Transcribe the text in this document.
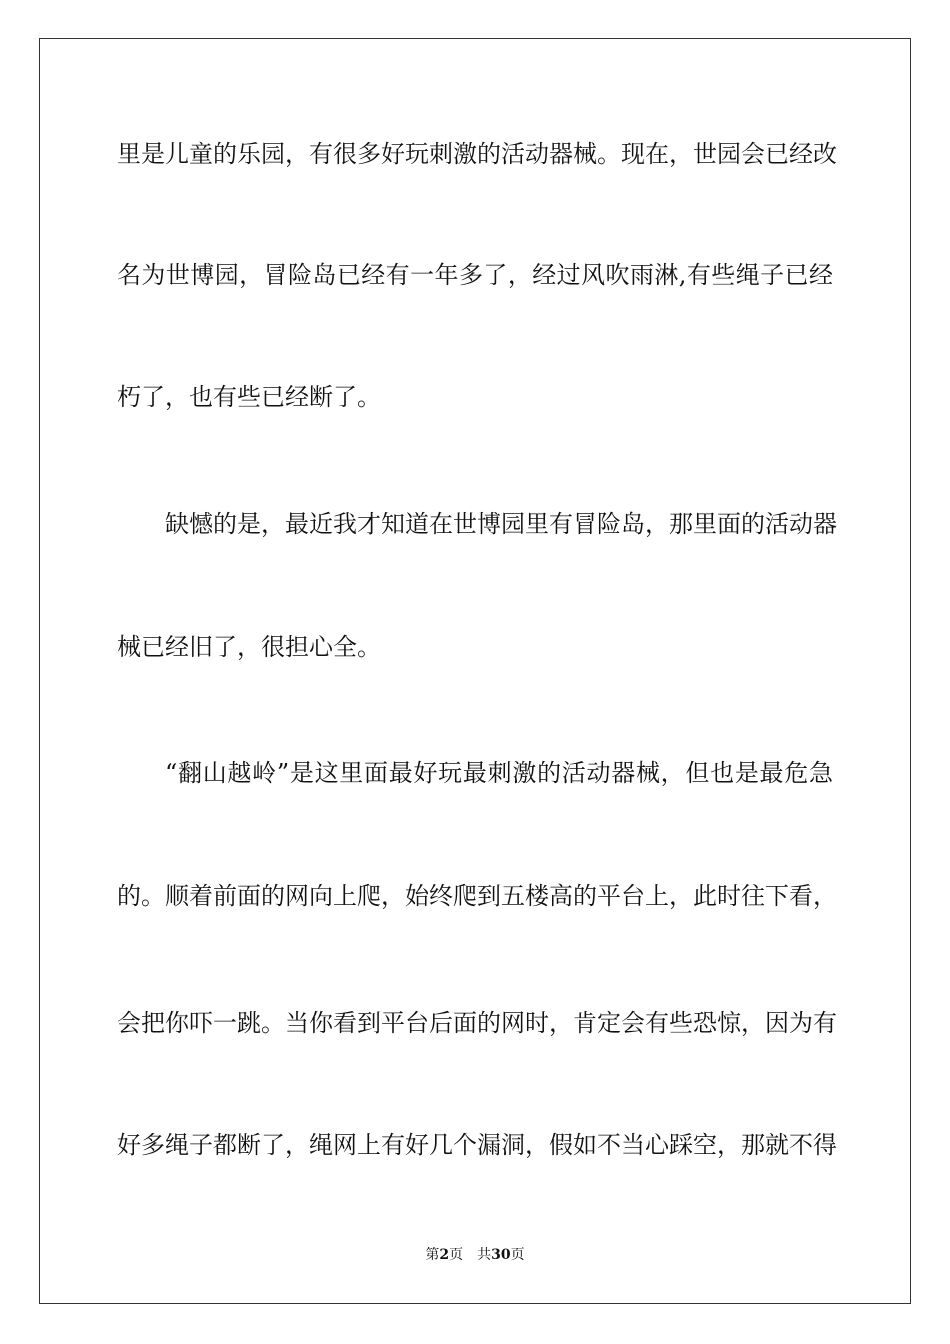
里是儿童的乐园，有很多好玩刺激的活动器械。现在，世园会已经改
名为世博园，冒险岛已经有一年多了，经过风吹雨淋,有些绳子已经
朽了，也有些已经断了。
缺憾的是，最近我才知道在世博园里有冒险岛，那里面的活动器
械已经旧了，很担心全。
“翻山越岭”是这里面最好玩最刺激的活动器械，但也是最危急
的。顺着前面的网向上爬，始终爬到五楼高的平台上，此时往下看，
会把你吓一跳。当你看到平台后面的网时，肯定会有些恐惊，因为有
好多绳子都断了，绳网上有好几个漏洞，假如不当心踩空，那就不得
第2页 共30页
